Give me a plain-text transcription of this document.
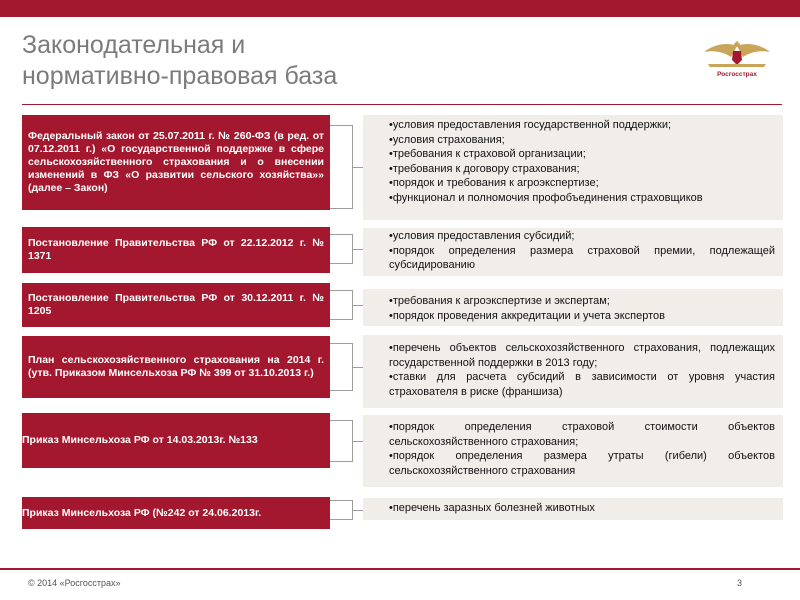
Законодательная и
нормативно-правовая база	Росгосстрах
Федеральный закон от 25.07.2011 г. № 260-ФЗ (в ред. от 07.12.2011 г.) «О государственной поддержке в сфере сельскохозяйственного страхования и о внесении изменений в ФЗ «О развитии сельского хозяйства»» (далее – Закон)
•условия предоставления государственной поддержки;
•условия страхования;
•требования к страховой организации;
•требования к договору страхования;
•порядок и требования к агроэкспертизе;
•функционал и полномочия профобъединения страховщиков
Постановление Правительства РФ от 22.12.2012 г. № 1371
•условия предоставления субсидий;
•порядок определения размера страховой премии, подлежащей субсидированию
Постановление Правительства РФ от 30.12.2011 г. № 1205
•требования к агроэкспертизе и экспертам;
•порядок проведения аккредитации и учета экспертов
План сельскохозяйственного страхования на 2014 г. (утв. Приказом Минсельхоза РФ № 399 от 31.10.2013 г.)
•перечень объектов сельскохозяйственного страхования, подлежащих государственной поддержки в 2013 году;
•ставки для расчета субсидий в зависимости от уровня участия страхователя в риске (франшиза)
Приказ Минсельхоза РФ от 14.03.2013г. №133
•порядок определения страховой стоимости объектов сельскохозяйственного страхования;
•порядок определения размера утраты (гибели) объектов сельскохозяйственного страхования
Приказ Минсельхоза РФ (№242 от 24.06.2013г.	•перечень заразных болезней животных
© 2014 «Росгосстрах»	3
